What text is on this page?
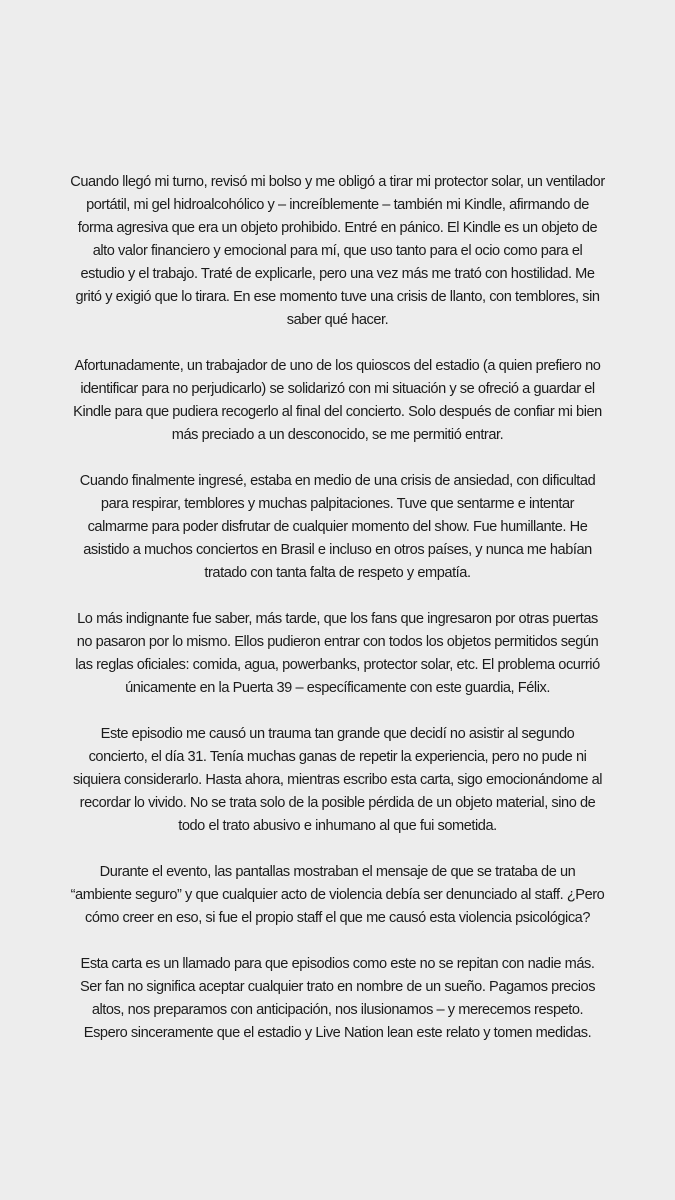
Cuando llegó mi turno, revisó mi bolso y me obligó a tirar mi protector solar, un ventilador portátil, mi gel hidroalcohólico y – increíblemente – también mi Kindle, afirmando de forma agresiva que era un objeto prohibido. Entré en pánico. El Kindle es un objeto de alto valor financiero y emocional para mí, que uso tanto para el ocio como para el estudio y el trabajo. Traté de explicarle, pero una vez más me trató con hostilidad. Me gritó y exigió que lo tirara. En ese momento tuve una crisis de llanto, con temblores, sin saber qué hacer.

Afortunadamente, un trabajador de uno de los quioscos del estadio (a quien prefiero no identificar para no perjudicarlo) se solidarizó con mi situación y se ofreció a guardar el Kindle para que pudiera recogerlo al final del concierto. Solo después de confiar mi bien más preciado a un desconocido, se me permitió entrar.

Cuando finalmente ingresé, estaba en medio de una crisis de ansiedad, con dificultad para respirar, temblores y muchas palpitaciones. Tuve que sentarme e intentar calmarme para poder disfrutar de cualquier momento del show. Fue humillante. He asistido a muchos conciertos en Brasil e incluso en otros países, y nunca me habían tratado con tanta falta de respeto y empatía.

Lo más indignante fue saber, más tarde, que los fans que ingresaron por otras puertas no pasaron por lo mismo. Ellos pudieron entrar con todos los objetos permitidos según las reglas oficiales: comida, agua, powerbanks, protector solar, etc. El problema ocurrió únicamente en la Puerta 39 – específicamente con este guardia, Félix.

Este episodio me causó un trauma tan grande que decidí no asistir al segundo concierto, el día 31. Tenía muchas ganas de repetir la experiencia, pero no pude ni siquiera considerarlo. Hasta ahora, mientras escribo esta carta, sigo emocionándome al recordar lo vivido. No se trata solo de la posible pérdida de un objeto material, sino de todo el trato abusivo e inhumano al que fui sometida.

Durante el evento, las pantallas mostraban el mensaje de que se trataba de un “ambiente seguro” y que cualquier acto de violencia debía ser denunciado al staff. ¿Pero cómo creer en eso, si fue el propio staff el que me causó esta violencia psicológica?

Esta carta es un llamado para que episodios como este no se repitan con nadie más. Ser fan no significa aceptar cualquier trato en nombre de un sueño. Pagamos precios altos, nos preparamos con anticipación, nos ilusionamos – y merecemos respeto. Espero sinceramente que el estadio y Live Nation lean este relato y tomen medidas.
